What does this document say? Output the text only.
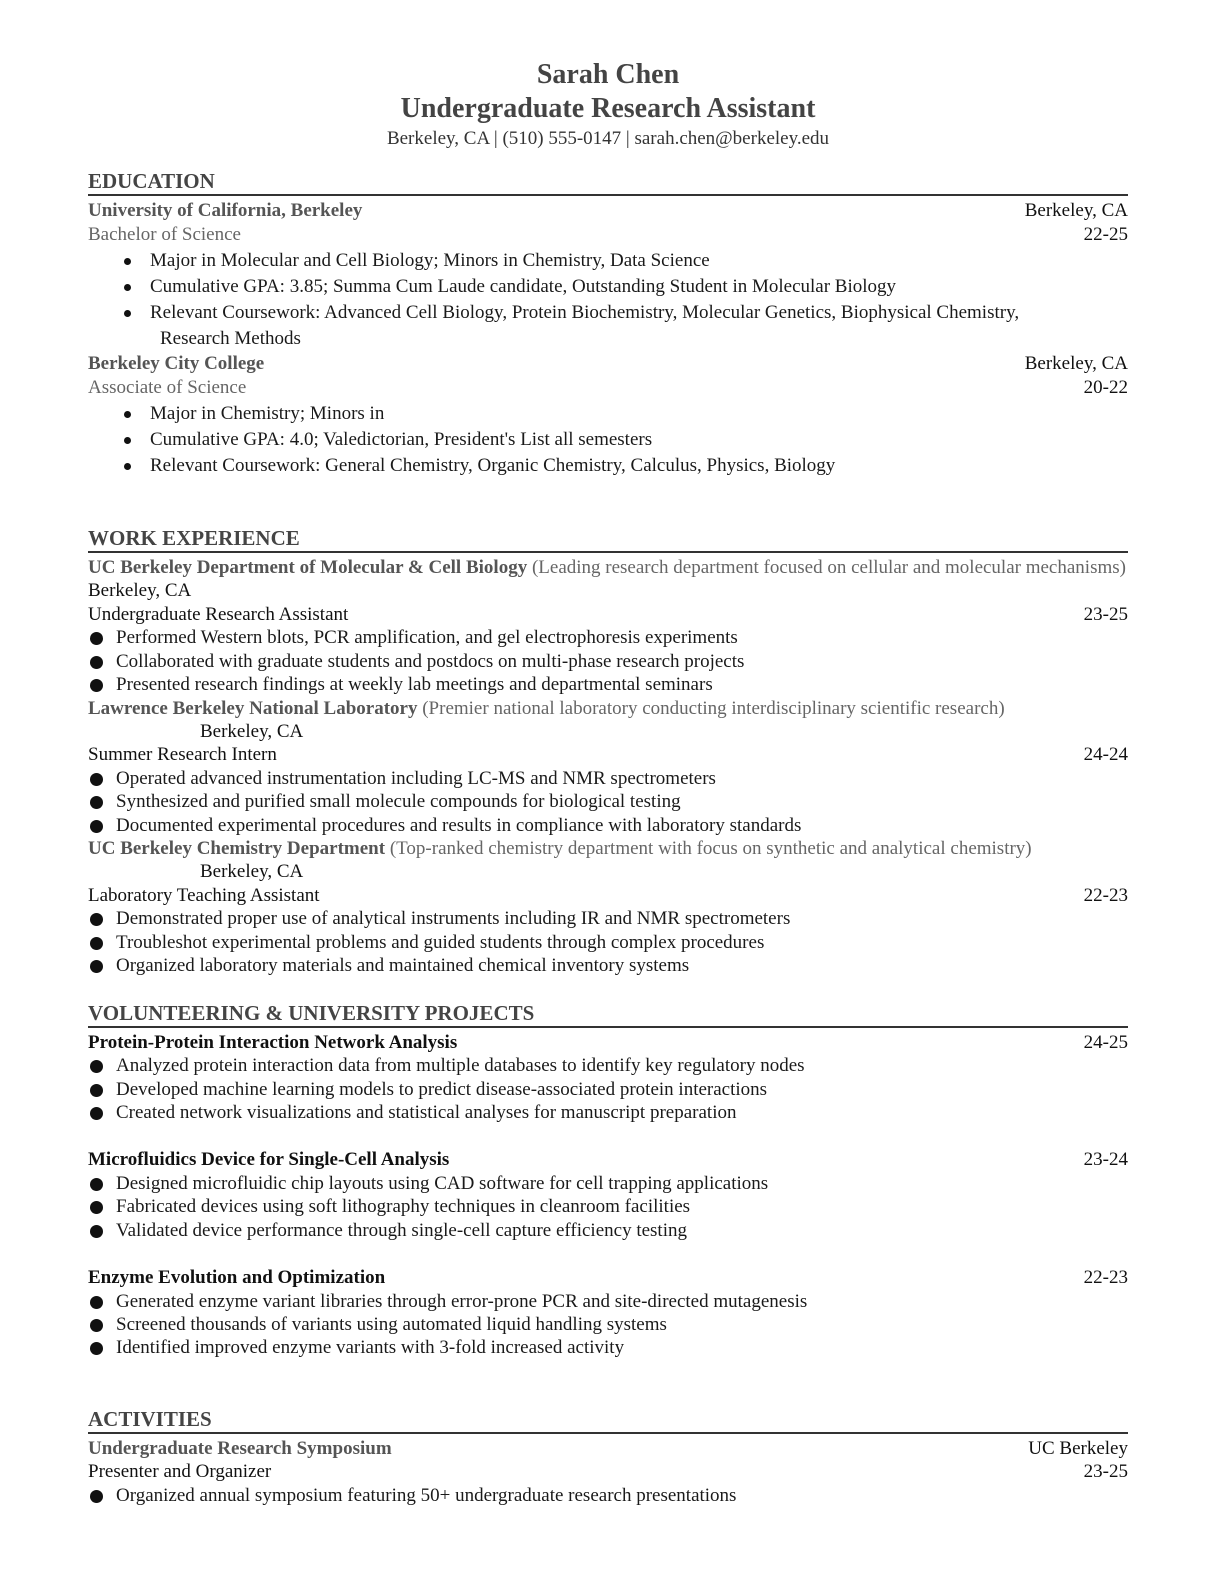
Sarah Chen
Undergraduate Research Assistant
Berkeley, CA | (510) 555-0147 | sarah.chen@berkeley.edu
EDUCATION
University of California, Berkeley	Berkeley, CA
Bachelor of Science	22-25
Major in Molecular and Cell Biology; Minors in Chemistry, Data Science
Cumulative GPA: 3.85; Summa Cum Laude candidate, Outstanding Student in Molecular Biology
Relevant Coursework: Advanced Cell Biology, Protein Biochemistry, Molecular Genetics, Biophysical Chemistry,
Research Methods
Berkeley City College	Berkeley, CA
Associate of Science	20-22
Major in Chemistry; Minors in
Cumulative GPA: 4.0; Valedictorian, President's List all semesters
Relevant Coursework: General Chemistry, Organic Chemistry, Calculus, Physics, Biology
WORK EXPERIENCE
UC Berkeley Department of Molecular & Cell Biology (Leading research department focused on cellular and molecular mechanisms) Berkeley, CA
Undergraduate Research Assistant	23-25
Performed Western blots, PCR amplification, and gel electrophoresis experiments
Collaborated with graduate students and postdocs on multi-phase research projects
Presented research findings at weekly lab meetings and departmental seminars
Lawrence Berkeley National Laboratory (Premier national laboratory conducting interdisciplinary scientific research)
Berkeley, CA
Summer Research Intern	24-24
Operated advanced instrumentation including LC-MS and NMR spectrometers
Synthesized and purified small molecule compounds for biological testing
Documented experimental procedures and results in compliance with laboratory standards
UC Berkeley Chemistry Department (Top-ranked chemistry department with focus on synthetic and analytical chemistry)
Berkeley, CA
Laboratory Teaching Assistant	22-23
Demonstrated proper use of analytical instruments including IR and NMR spectrometers
Troubleshot experimental problems and guided students through complex procedures
Organized laboratory materials and maintained chemical inventory systems
VOLUNTEERING & UNIVERSITY PROJECTS
Protein-Protein Interaction Network Analysis	24-25
Analyzed protein interaction data from multiple databases to identify key regulatory nodes
Developed machine learning models to predict disease-associated protein interactions
Created network visualizations and statistical analyses for manuscript preparation
Microfluidics Device for Single-Cell Analysis	23-24
Designed microfluidic chip layouts using CAD software for cell trapping applications
Fabricated devices using soft lithography techniques in cleanroom facilities
Validated device performance through single-cell capture efficiency testing
Enzyme Evolution and Optimization	22-23
Generated enzyme variant libraries through error-prone PCR and site-directed mutagenesis
Screened thousands of variants using automated liquid handling systems
Identified improved enzyme variants with 3-fold increased activity
ACTIVITIES
Undergraduate Research Symposium	UC Berkeley
Presenter and Organizer	23-25
Organized annual symposium featuring 50+ undergraduate research presentations
